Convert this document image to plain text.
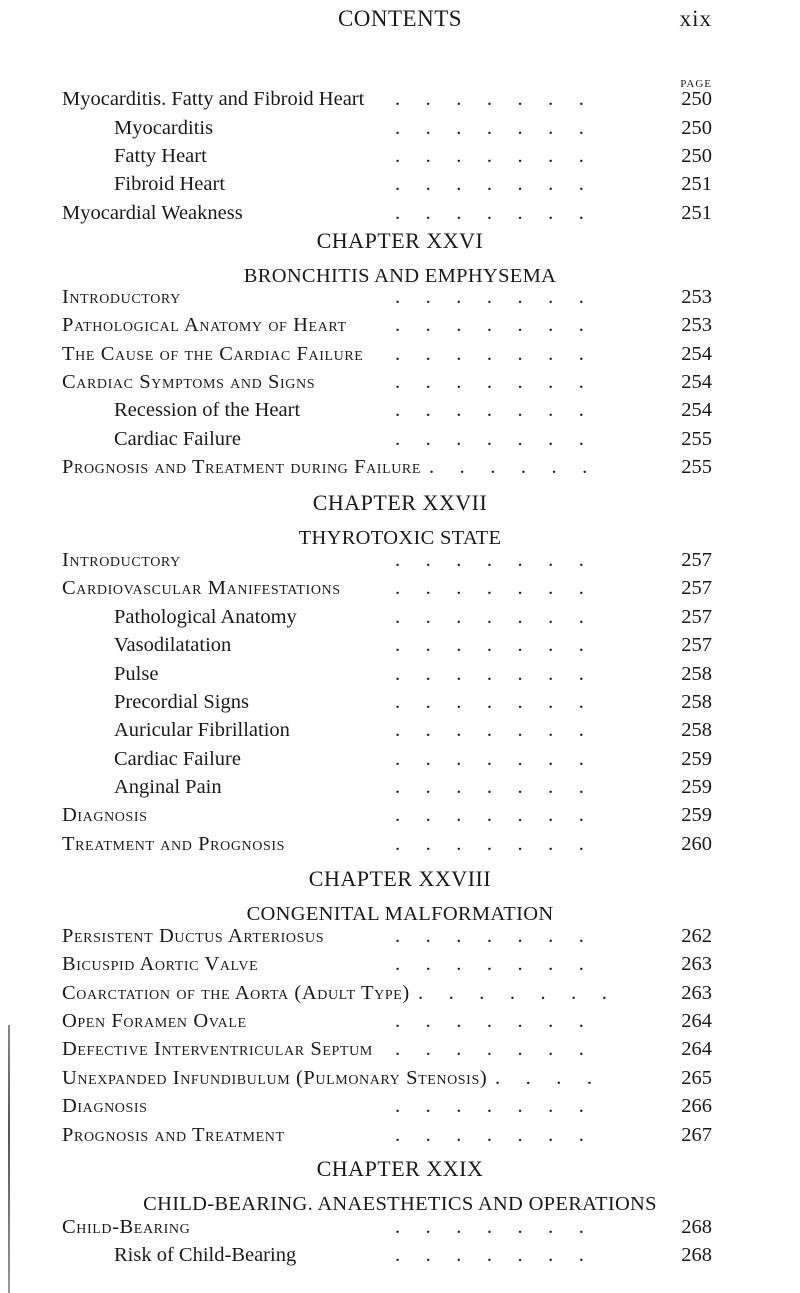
CONTENTS	xix
PAGE
Myocarditis. Fatty and Fibroid Heart .......	250
Myocarditis	.......	250
Fatty Heart	.......	250
Fibroid Heart	.......	251
Myocardial Weakness	.......	251
CHAPTER XXVI
BRONCHITIS AND EMPHYSEMA
Introductory	.......	253
Pathological Anatomy of Heart .......	253
The Cause of the Cardiac Failure .......	254
Cardiac Symptoms and Signs	.......	254
Recession of the Heart	.......	254
Cardiac Failure	.......	255
Prognosis and Treatment during Failure ......	255
CHAPTER XXVII
THYROTOXIC STATE
Introductory	.......	257
Cardiovascular Manifestations	.......	257
Pathological Anatomy	.......	257
Vasodilatation	.......	257
Pulse	.......	258
Precordial Signs	.......	258
Auricular Fibrillation	.......	258
Cardiac Failure	.......	259
Anginal Pain	.......	259
Diagnosis	.......	259
Treatment and Prognosis	.......	260
CHAPTER XXVIII
CONGENITAL MALFORMATION
Persistent Ductus Arteriosus	.......	262
Bicuspid Aortic Valve	.......	263
Coarctation of the Aorta (Adult Type) .......	263
Open Foramen Ovale	.......	264
Defective Interventricular Septum .......	264
Unexpanded Infundibulum (Pulmonary Stenosis) ....	265
Diagnosis	.......	266
Prognosis and Treatment	.......	267
CHAPTER XXIX
CHILD-BEARING. ANAESTHETICS AND OPERATIONS
Child-Bearing	.......	268
Risk of Child-Bearing	.......	268
